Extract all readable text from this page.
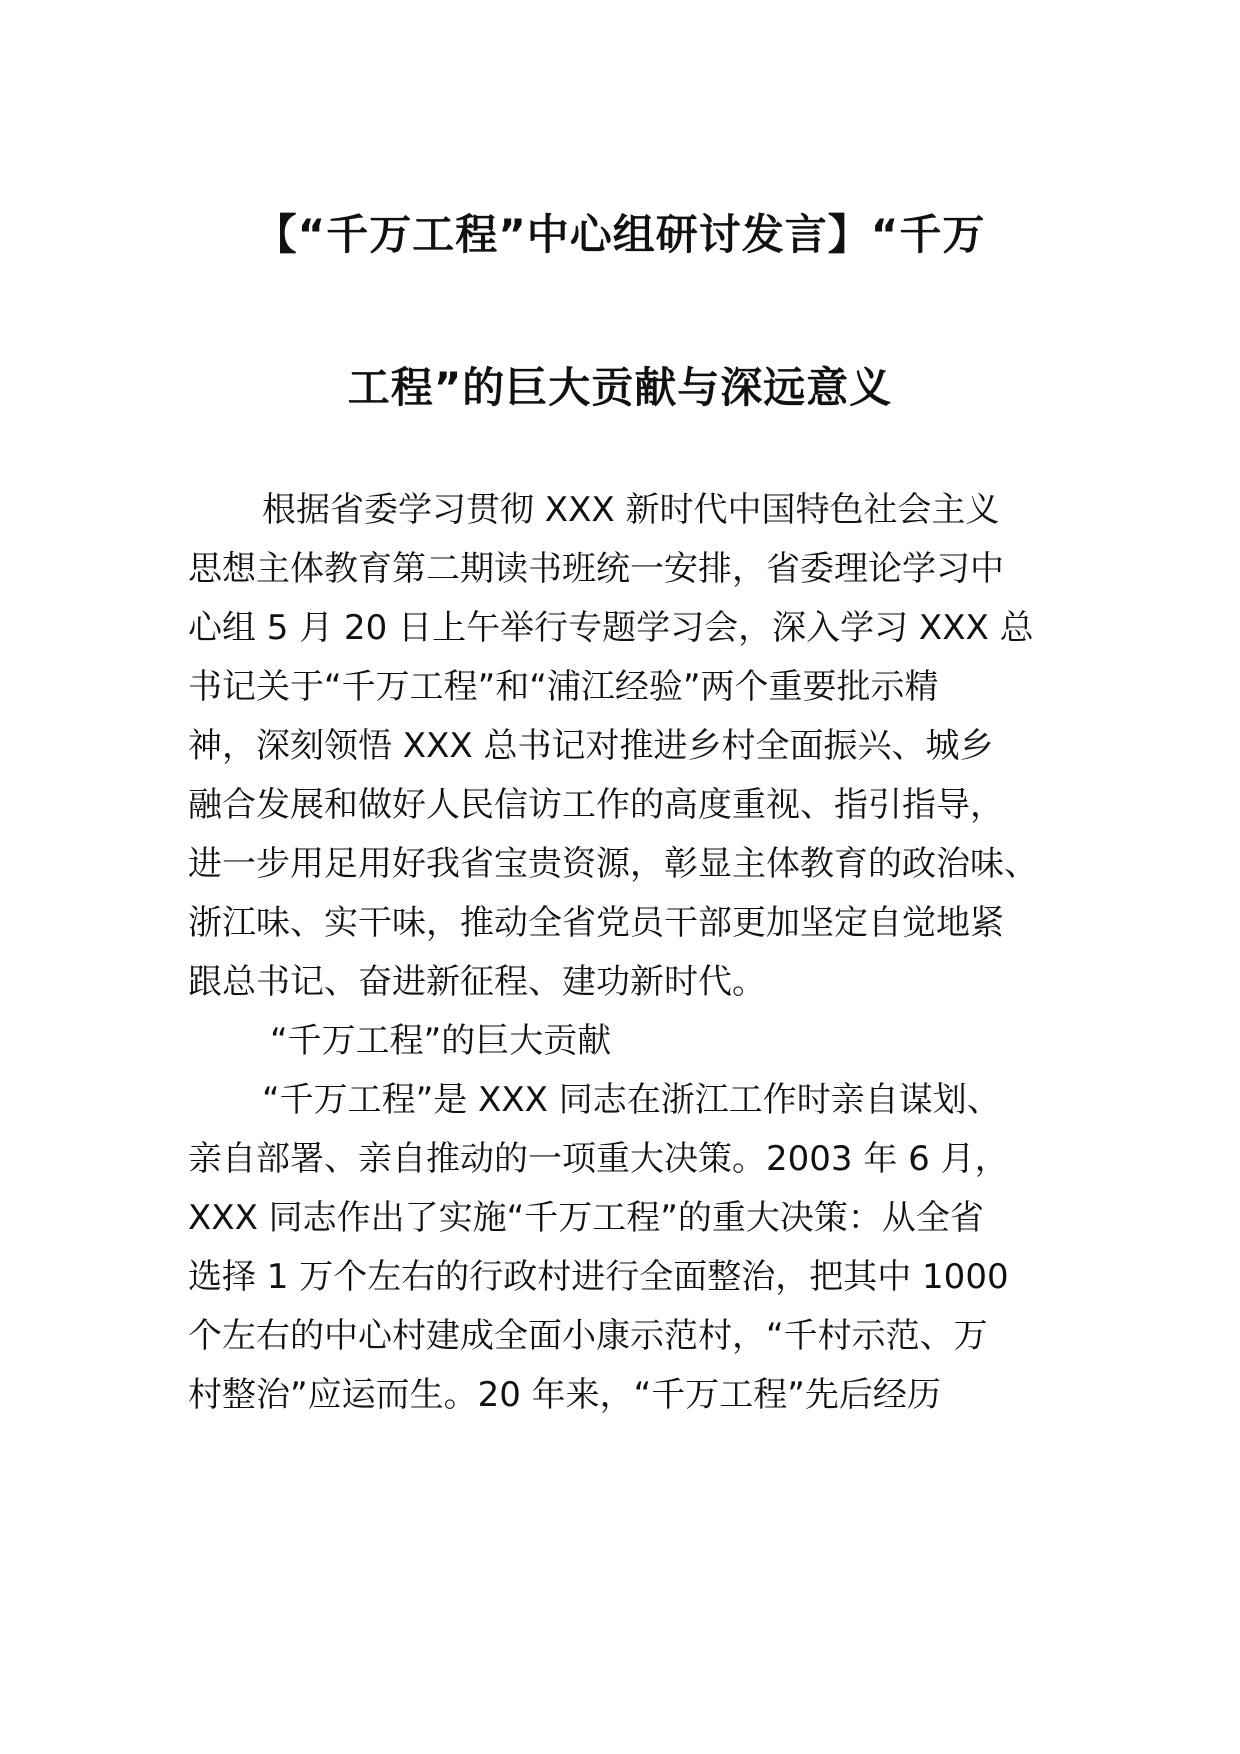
【“千万工程”中心组研讨发言】“千万
工程”的巨大贡献与深远意义
根据省委学习贯彻 XXX 新时代中国特色社会主义
思想主体教育第二期读书班统一安排，省委理论学习中
心组 5 月 20 日上午举行专题学习会，深入学习 XXX 总
书记关于“千万工程”和“浦江经验”两个重要批示精
神，深刻领悟 XXX 总书记对推进乡村全面振兴、城乡
融合发展和做好人民信访工作的高度重视、指引指导，
进一步用足用好我省宝贵资源，彰显主体教育的政治味、
浙江味、实干味，推动全省党员干部更加坚定自觉地紧
跟总书记、奋进新征程、建功新时代。
“千万工程”的巨大贡献
“千万工程”是 XXX 同志在浙江工作时亲自谋划、
亲自部署、亲自推动的一项重大决策。2003 年 6 月，
XXX 同志作出了实施“千万工程”的重大决策：从全省
选择 1 万个左右的行政村进行全面整治，把其中 1000
个左右的中心村建成全面小康示范村，“千村示范、万
村整治”应运而生。20 年来，“千万工程”先后经历
